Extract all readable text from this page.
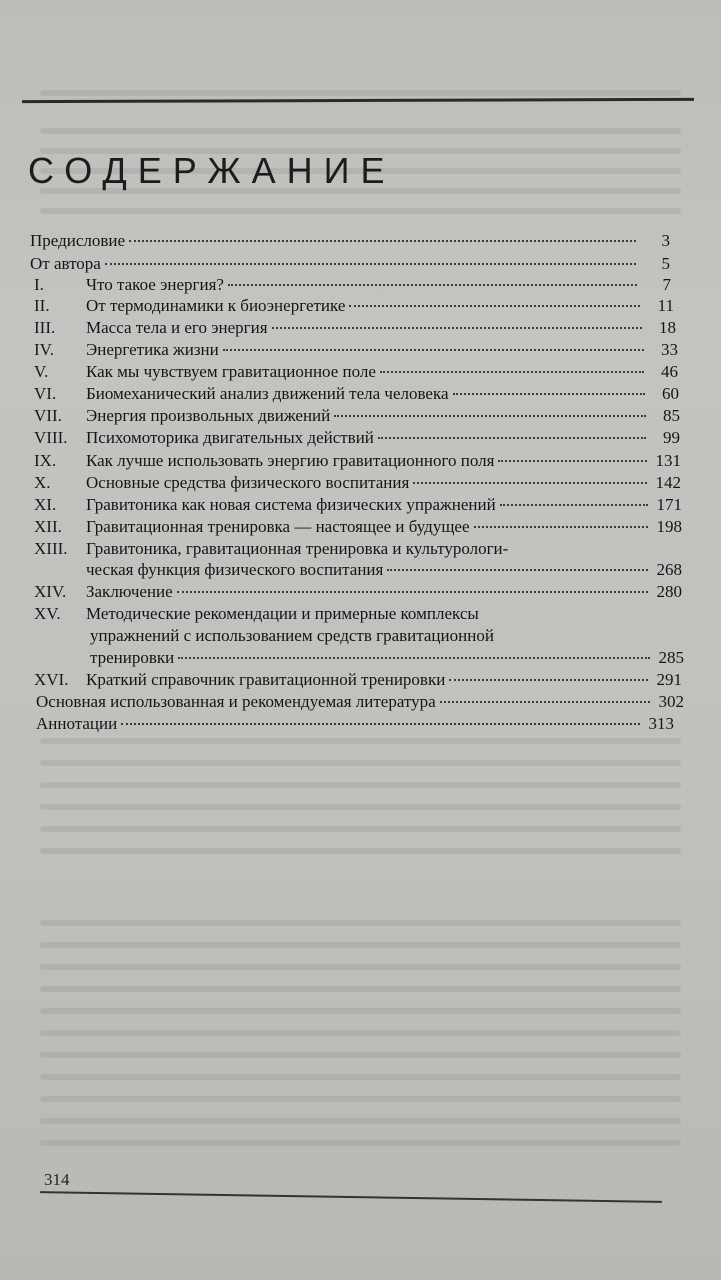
СОДЕРЖАНИЕ
Предисловие	3
От автора	5
I.	Что такое энергия?	7
II.	От термодинамики к биоэнергетике	11
III.	Масса тела и его энергия	18
IV.	Энергетика жизни	33
V.	Как мы чувствуем гравитационное поле	46
VI.	Биомеханический анализ движений тела человека	60
VII.	Энергия произвольных движений	85
VIII.	Психомоторика двигательных действий	99
IX.	Как лучше использовать энергию гравитационного поля	131
X.	Основные средства физического воспитания	142
XI.	Гравитоника как новая система физических упражнений	171
XII.	Гравитационная тренировка — настоящее и будущее	198
XIII.	Гравитоника, гравитационная тренировка и культурологи-
ческая функция физического воспитания	268
XIV.	Заключение	280
XV.	Методические рекомендации и примерные комплексы
упражнений с использованием средств гравитационной
тренировки	285
XVI.	Краткий справочник гравитационной тренировки	291
Основная использованная и рекомендуемая литература	302
Аннотации	313
314
